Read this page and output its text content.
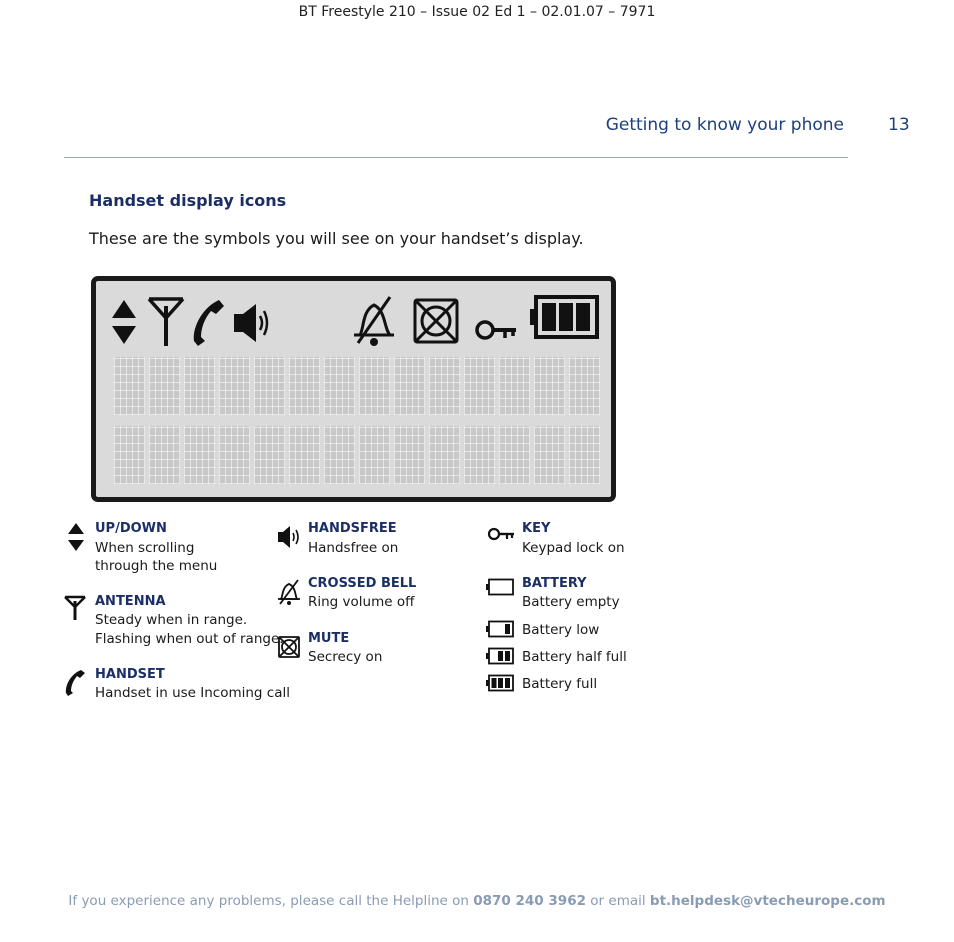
BT Freestyle 210 – Issue 02 Ed 1 – 02.01.07 – 7971
Getting to know your phone	13
Handset display icons
These are the symbols you will see on your handset’s display.
UP/DOWN
When scrolling
through the menu
ANTENNA
Steady when in range.
Flashing when out of range.
HANDSET
Handset in use Incoming call
HANDSFREE
Handsfree on
CROSSED BELL
Ring volume off
MUTE
Secrecy on
KEY
Keypad lock on
BATTERY
Battery empty
Battery low
Battery half full
Battery full
If you experience any problems, please call the Helpline on 0870 240 3962 or email bt.helpdesk@vtecheurope.com
